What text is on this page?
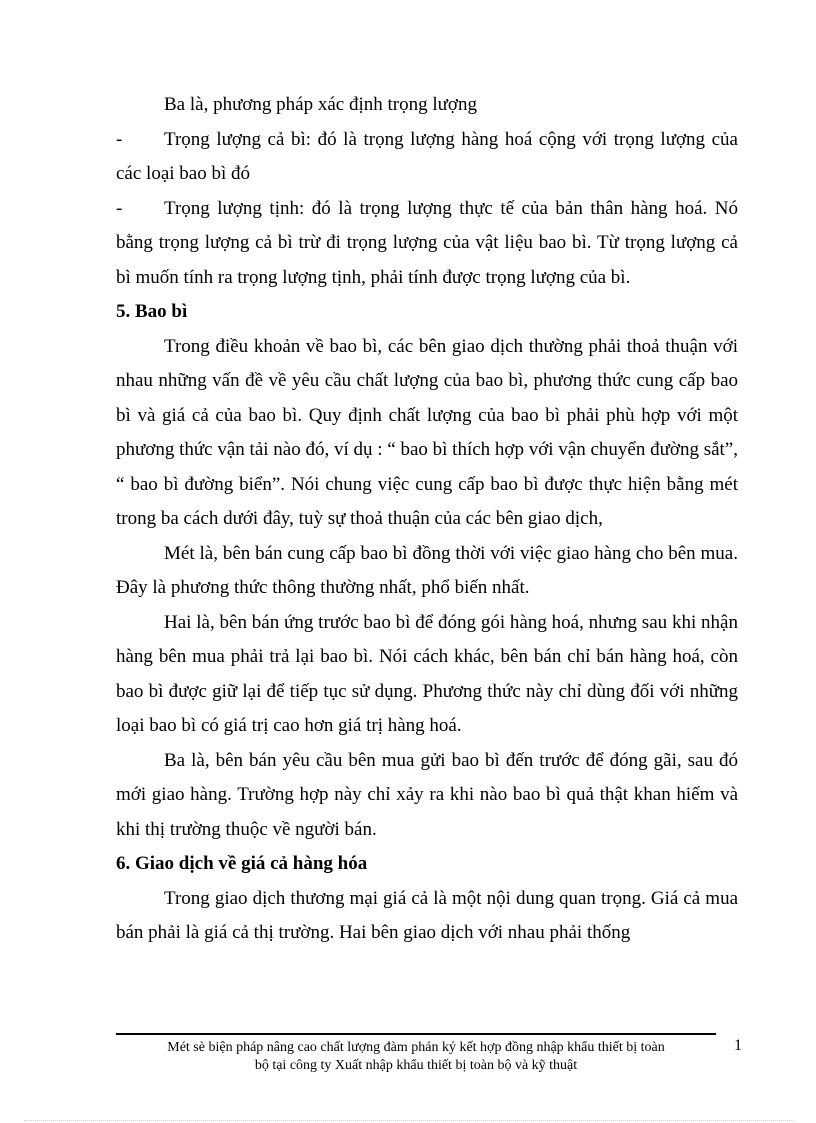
Ba là, phương pháp xác định trọng lượng

- Trọng lượng cả bì: đó là trọng lượng hàng hoá cộng với trọng lượng của các loại bao bì đó

- Trọng lượng tịnh: đó là trọng lượng thực tế của bản thân hàng hoá. Nó bằng trọng lượng cả bì trừ đi trọng lượng của vật liệu bao bì. Từ trọng lượng cả bì muốn tính ra trọng lượng tịnh, phải tính được trọng lượng của bì.

5. Bao bì

Trong điều khoản về bao bì, các bên giao dịch thường phải thoả thuận với nhau những vấn đề về yêu cầu chất lượng của bao bì, phương thức cung cấp bao bì và giá cả của bao bì. Quy định chất lượng của bao bì phải phù hợp với một phương thức vận tải nào đó, ví dụ : “ bao bì thích hợp với vận chuyển đường sắt”, “ bao bì đường biển”. Nói chung việc cung cấp bao bì được thực hiện bằng mét trong ba cách dưới đây, tuỳ sự thoả thuận của các bên giao dịch,

Mét là, bên bán cung cấp bao bì đồng thời với việc giao hàng cho bên mua. Đây là phương thức thông thường nhất, phổ biến nhất.

Hai là, bên bán ứng trước bao bì để đóng gói hàng hoá, nhưng sau khi nhận hàng bên mua phải trả lại bao bì. Nói cách khác, bên bán chỉ bán hàng hoá, còn bao bì được giữ lại để tiếp tục sử dụng. Phương thức này chỉ dùng đối với những loại bao bì có giá trị cao hơn giá trị hàng hoá.

Ba là, bên bán yêu cầu bên mua gửi bao bì đến trước để đóng gãi, sau đó mới giao hàng. Trường hợp này chỉ xảy ra khi nào bao bì quả thật khan hiếm và khi thị trường thuộc về người bán.

6. Giao dịch về giá cả hàng hóa

Trong giao dịch thương mại giá cả là một nội dung quan trọng. Giá cả mua bán phải là giá cả thị trường. Hai bên giao dịch với nhau phải thống

Mét sè biện pháp nâng cao chất lượng đàm phán ký kết hợp đồng nhập khẩu thiết bị toàn
bộ tại công ty Xuất nhập khẩu thiết bị toàn bộ và kỹ thuật
1
